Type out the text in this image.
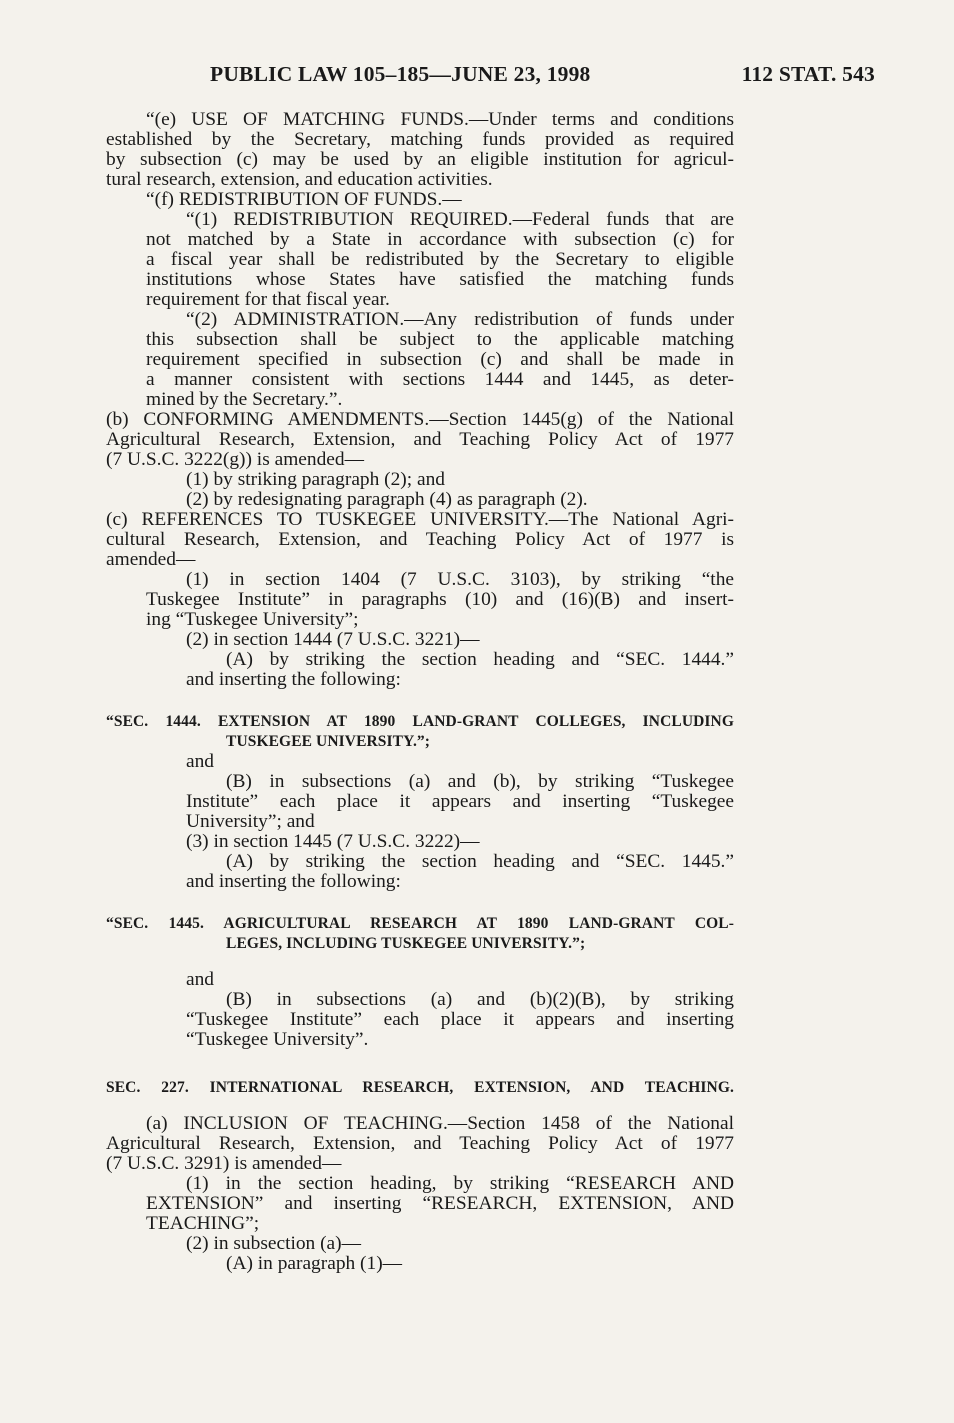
PUBLIC LAW 105–185—JUNE 23, 1998	112 STAT. 543
“(e) USE OF MATCHING FUNDS.—Under terms and conditions
established by the Secretary, matching funds provided as required
by subsection (c) may be used by an eligible institution for agricul-
tural research, extension, and education activities.
“(f) REDISTRIBUTION OF FUNDS.—
“(1) REDISTRIBUTION REQUIRED.—Federal funds that are
not matched by a State in accordance with subsection (c) for
a fiscal year shall be redistributed by the Secretary to eligible
institutions whose States have satisfied the matching funds
requirement for that fiscal year.
“(2) ADMINISTRATION.—Any redistribution of funds under
this subsection shall be subject to the applicable matching
requirement specified in subsection (c) and shall be made in
a manner consistent with sections 1444 and 1445, as deter-
mined by the Secretary.”.
(b) CONFORMING AMENDMENTS.—Section 1445(g) of the National
Agricultural Research, Extension, and Teaching Policy Act of 1977
(7 U.S.C. 3222(g)) is amended—
(1) by striking paragraph (2); and
(2) by redesignating paragraph (4) as paragraph (2).
(c) REFERENCES TO TUSKEGEE UNIVERSITY.—The National Agri-
cultural Research, Extension, and Teaching Policy Act of 1977 is
amended—
(1) in section 1404 (7 U.S.C. 3103), by striking “the
Tuskegee Institute” in paragraphs (10) and (16)(B) and insert-
ing “Tuskegee University”;
(2) in section 1444 (7 U.S.C. 3221)—
(A) by striking the section heading and “SEC. 1444.”
and inserting the following:
“SEC. 1444. EXTENSION AT 1890 LAND-GRANT COLLEGES, INCLUDING
TUSKEGEE UNIVERSITY.”;
and
(B) in subsections (a) and (b), by striking “Tuskegee
Institute” each place it appears and inserting “Tuskegee
University”; and
(3) in section 1445 (7 U.S.C. 3222)—
(A) by striking the section heading and “SEC. 1445.”
and inserting the following:
“SEC. 1445. AGRICULTURAL RESEARCH AT 1890 LAND-GRANT COL-
LEGES, INCLUDING TUSKEGEE UNIVERSITY.”;
and
(B) in subsections (a) and (b)(2)(B), by striking
“Tuskegee Institute” each place it appears and inserting
“Tuskegee University”.
SEC. 227. INTERNATIONAL RESEARCH, EXTENSION, AND TEACHING.
(a) INCLUSION OF TEACHING.—Section 1458 of the National
Agricultural Research, Extension, and Teaching Policy Act of 1977
(7 U.S.C. 3291) is amended—
(1) in the section heading, by striking “RESEARCH AND
EXTENSION” and inserting “RESEARCH, EXTENSION, AND
TEACHING”;
(2) in subsection (a)—
(A) in paragraph (1)—
